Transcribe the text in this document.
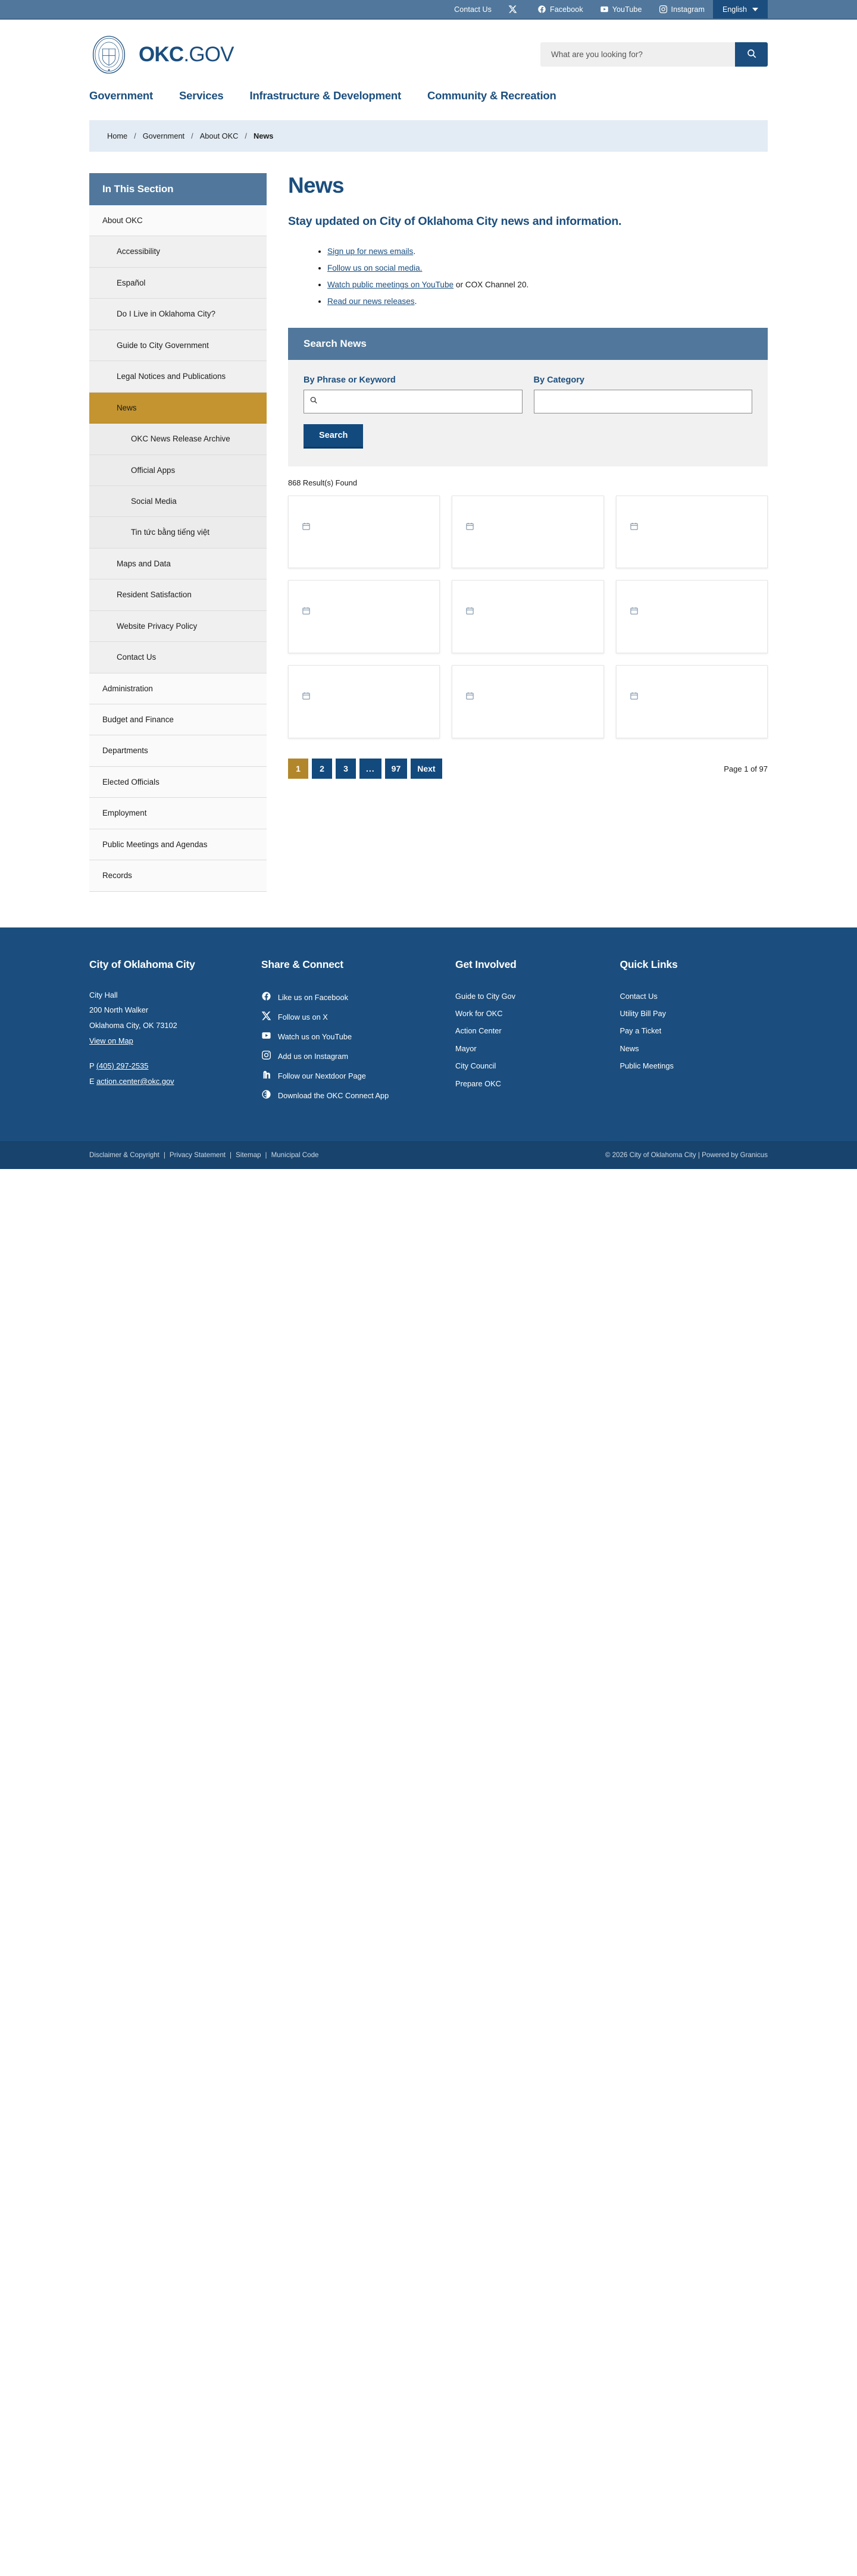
Contact Us	Facebook	YouTube	Instagram English
★
OKC.GOV
What are you looking for?
Government Services Infrastructure & Development Community & Recreation
Home / Government / About OKC / News
In This Section
About OKC
Accessibility
Español
Do I Live in Oklahoma City?
Guide to City Government
Legal Notices and Publications
News
OKC News Release Archive
Official Apps
Social Media
Tin tức bằng tiếng việt
Maps and Data
Resident Satisfaction
Website Privacy Policy
Contact Us
Administration
Budget and Finance
Departments
Elected Officials
Employment
Public Meetings and Agendas
Records
News

Stay updated on City of Oklahoma City news and information.

• Sign up for news emails.
• Follow us on social media.
• Watch public meetings on YouTube or COX Channel 20.
• Read our news releases.
Search News
By Phrase or Keyword	By Category
Search
868 Result(s) Found
1	2	3	...	97	Next	Page 1 of 97
City of Oklahoma City
City Hall
200 North Walker
Oklahoma City, OK 73102
View on Map
P (405) 297-2535
E action.center@okc.gov
Share & Connect
Like us on Facebook
Follow us on X
Watch us on YouTube
Add us on Instagram
Follow our Nextdoor Page
Download the OKC Connect App
Get Involved
Guide to City Gov
Work for OKC
Action Center
Mayor
City Council
Prepare OKC
Quick Links
Contact Us
Utility Bill Pay
Pay a Ticket
News
Public Meetings
Disclaimer & Copyright | Privacy Statement | Sitemap | Municipal Code	© 2026 City of Oklahoma City | Powered by Granicus
